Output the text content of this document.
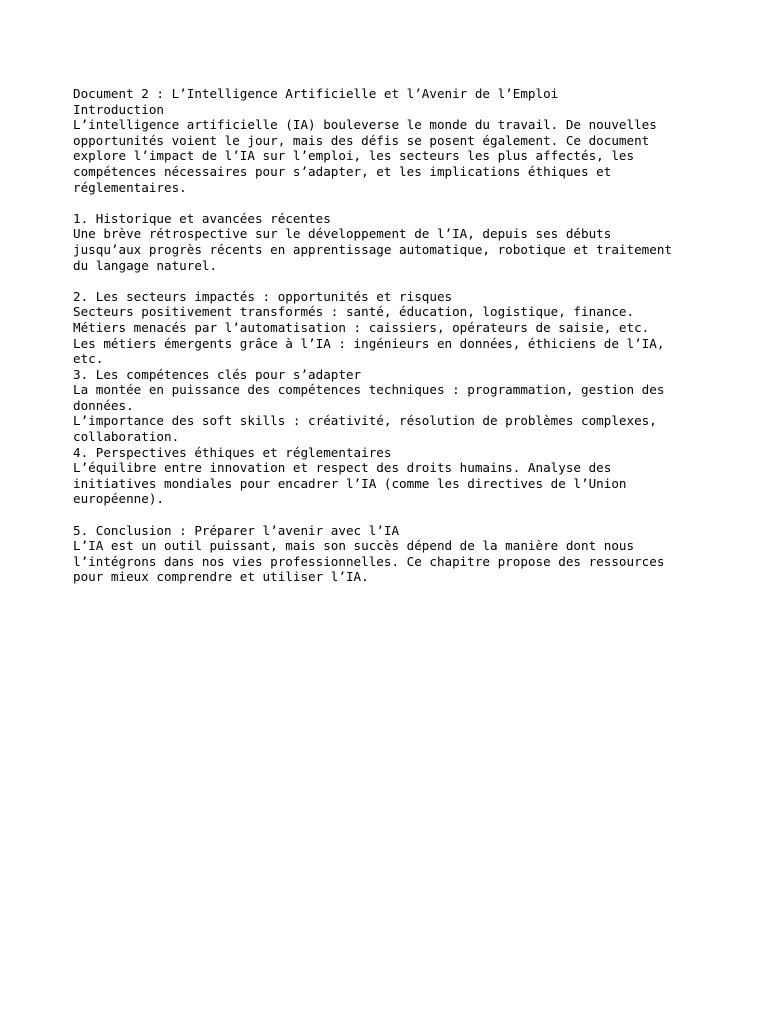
Document 2 : L’Intelligence Artificielle et l’Avenir de l’Emploi
Introduction
L’intelligence artificielle (IA) bouleverse le monde du travail. De nouvelles
opportunités voient le jour, mais des défis se posent également. Ce document
explore l’impact de l’IA sur l’emploi, les secteurs les plus affectés, les
compétences nécessaires pour s’adapter, et les implications éthiques et
réglementaires.
1. Historique et avancées récentes
Une brève rétrospective sur le développement de l’IA, depuis ses débuts
jusqu’aux progrès récents en apprentissage automatique, robotique et traitement
du langage naturel.
2. Les secteurs impactés : opportunités et risques
Secteurs positivement transformés : santé, éducation, logistique, finance.
Métiers menacés par l’automatisation : caissiers, opérateurs de saisie, etc.
Les métiers émergents grâce à l’IA : ingénieurs en données, éthiciens de l’IA,
etc.
3. Les compétences clés pour s’adapter
La montée en puissance des compétences techniques : programmation, gestion des
données.
L’importance des soft skills : créativité, résolution de problèmes complexes,
collaboration.
4. Perspectives éthiques et réglementaires
L’équilibre entre innovation et respect des droits humains. Analyse des
initiatives mondiales pour encadrer l’IA (comme les directives de l’Union
européenne).
5. Conclusion : Préparer l’avenir avec l’IA
L’IA est un outil puissant, mais son succès dépend de la manière dont nous
l’intégrons dans nos vies professionnelles. Ce chapitre propose des ressources
pour mieux comprendre et utiliser l’IA.
